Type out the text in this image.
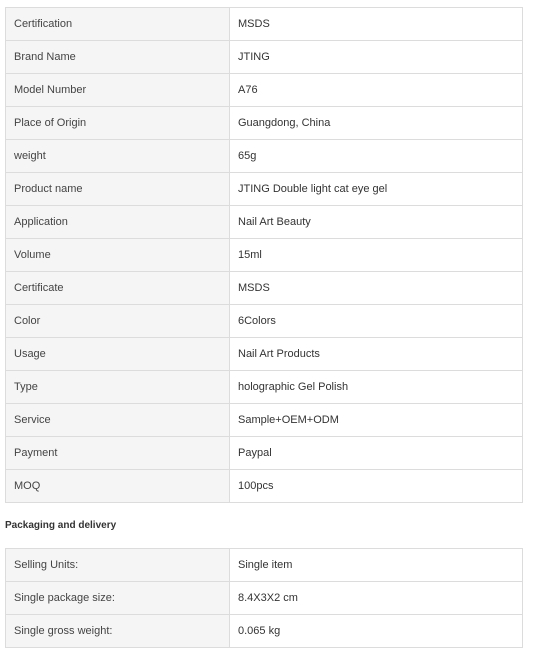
Certification	MSDS
Brand Name	JTING
Model Number	A76
Place of Origin	Guangdong, China
weight	65g
Product name	JTING Double light cat eye gel
Application	Nail Art Beauty
Volume	15ml
Certificate	MSDS
Color	6Colors
Usage	Nail Art Products
Type	holographic Gel Polish
Service	Sample+OEM+ODM
Payment	Paypal
MOQ	100pcs
Packaging and delivery
Selling Units:	Single item
Single package size:	8.4X3X2 cm
Single gross weight:	0.065 kg
